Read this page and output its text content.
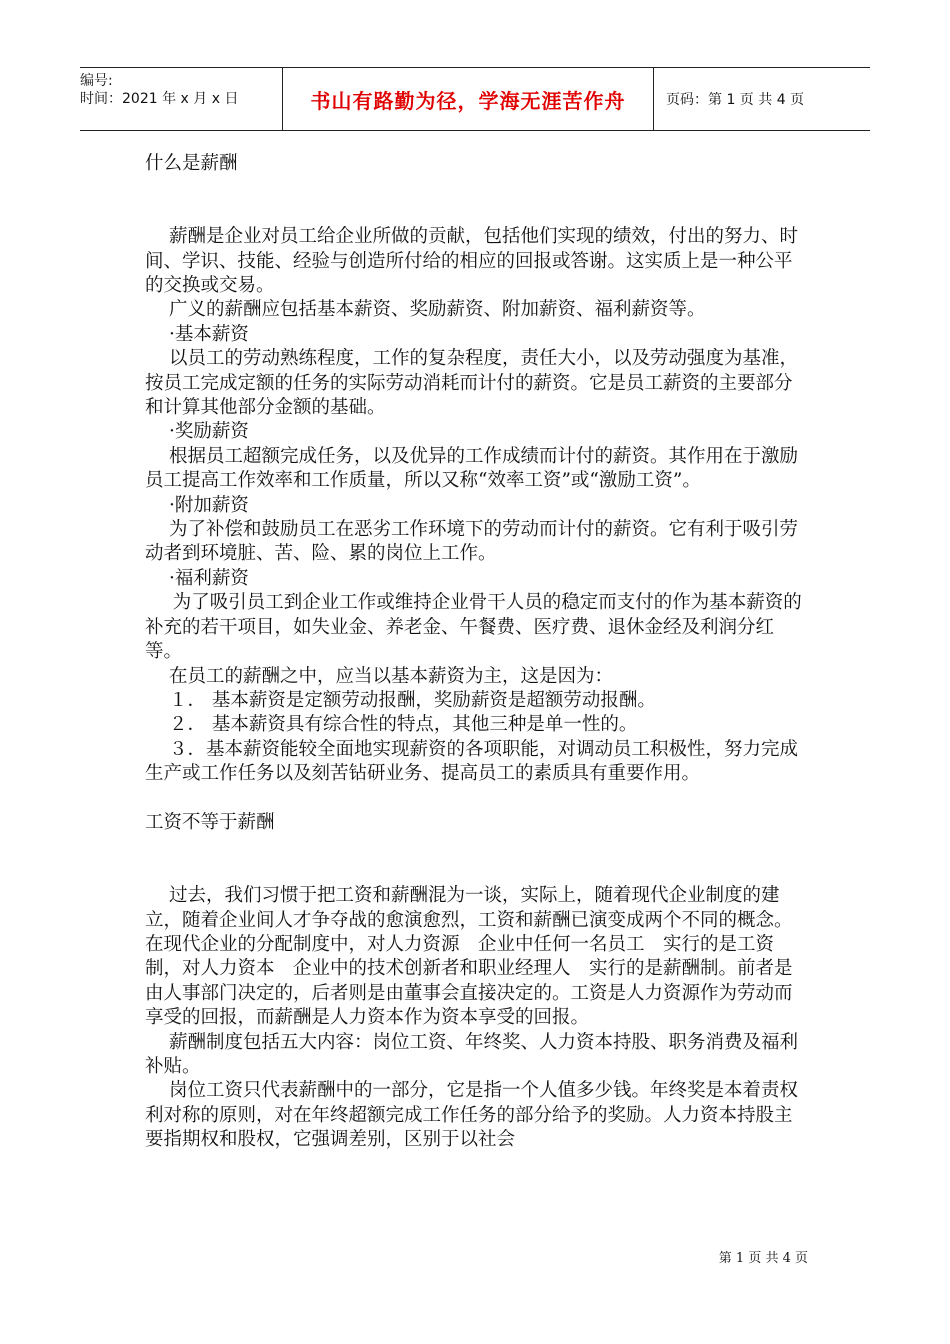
编号:
时间：2021 年 x 月 x 日	书山有路勤为径，学海无涯苦作舟	页码：第 1 页 共 4 页

什么是薪酬

薪酬是企业对员工给企业所做的贡献，包括他们实现的绩效，付出的努力、时间、学识、技能、经验与创造所付给的相应的回报或答谢。这实质上是一种公平的交换或交易。

广义的薪酬应包括基本薪资、奖励薪资、附加薪资、福利薪资等。

·基本薪资

以员工的劳动熟练程度，工作的复杂程度，责任大小，以及劳动强度为基准，按员工完成定额的任务的实际劳动消耗而计付的薪资。它是员工薪资的主要部分和计算其他部分金额的基础。

·奖励薪资

根据员工超额完成任务，以及优异的工作成绩而计付的薪资。其作用在于激励员工提高工作效率和工作质量，所以又称“效率工资”或“激励工资”。

·附加薪资

为了补偿和鼓励员工在恶劣工作环境下的劳动而计付的薪资。它有利于吸引劳动者到环境脏、苦、险、累的岗位上工作。

·福利薪资

为了吸引员工到企业工作或维持企业骨干人员的稳定而支付的作为基本薪资的补充的若干项目，如失业金、养老金、午餐费、医疗费、退休金经及利润分红等。

在员工的薪酬之中，应当以基本薪资为主，这是因为：

１． 基本薪资是定额劳动报酬，奖励薪资是超额劳动报酬。

２． 基本薪资具有综合性的特点，其他三种是单一性的。

３．基本薪资能较全面地实现薪资的各项职能，对调动员工积极性，努力完成生产或工作任务以及刻苦钻研业务、提高员工的素质具有重要作用。

工资不等于薪酬

过去，我们习惯于把工资和薪酬混为一谈，实际上，随着现代企业制度的建立，随着企业间人才争夺战的愈演愈烈，工资和薪酬已演变成两个不同的概念。

在现代企业的分配制度中，对人力资源　企业中任何一名员工　实行的是工资制，对人力资本　企业中的技术创新者和职业经理人　实行的是薪酬制。前者是由人事部门决定的，后者则是由董事会直接决定的。工资是人力资源作为劳动而享受的回报，而薪酬是人力资本作为资本享受的回报。

薪酬制度包括五大内容：岗位工资、年终奖、人力资本持股、职务消费及福利补贴。

岗位工资只代表薪酬中的一部分，它是指一个人值多少钱。年终奖是本着责权利对称的原则，对在年终超额完成工作任务的部分给予的奖励。人力资本持股主要指期权和股权，它强调差别，区别于以社会

第 1 页 共 4 页
